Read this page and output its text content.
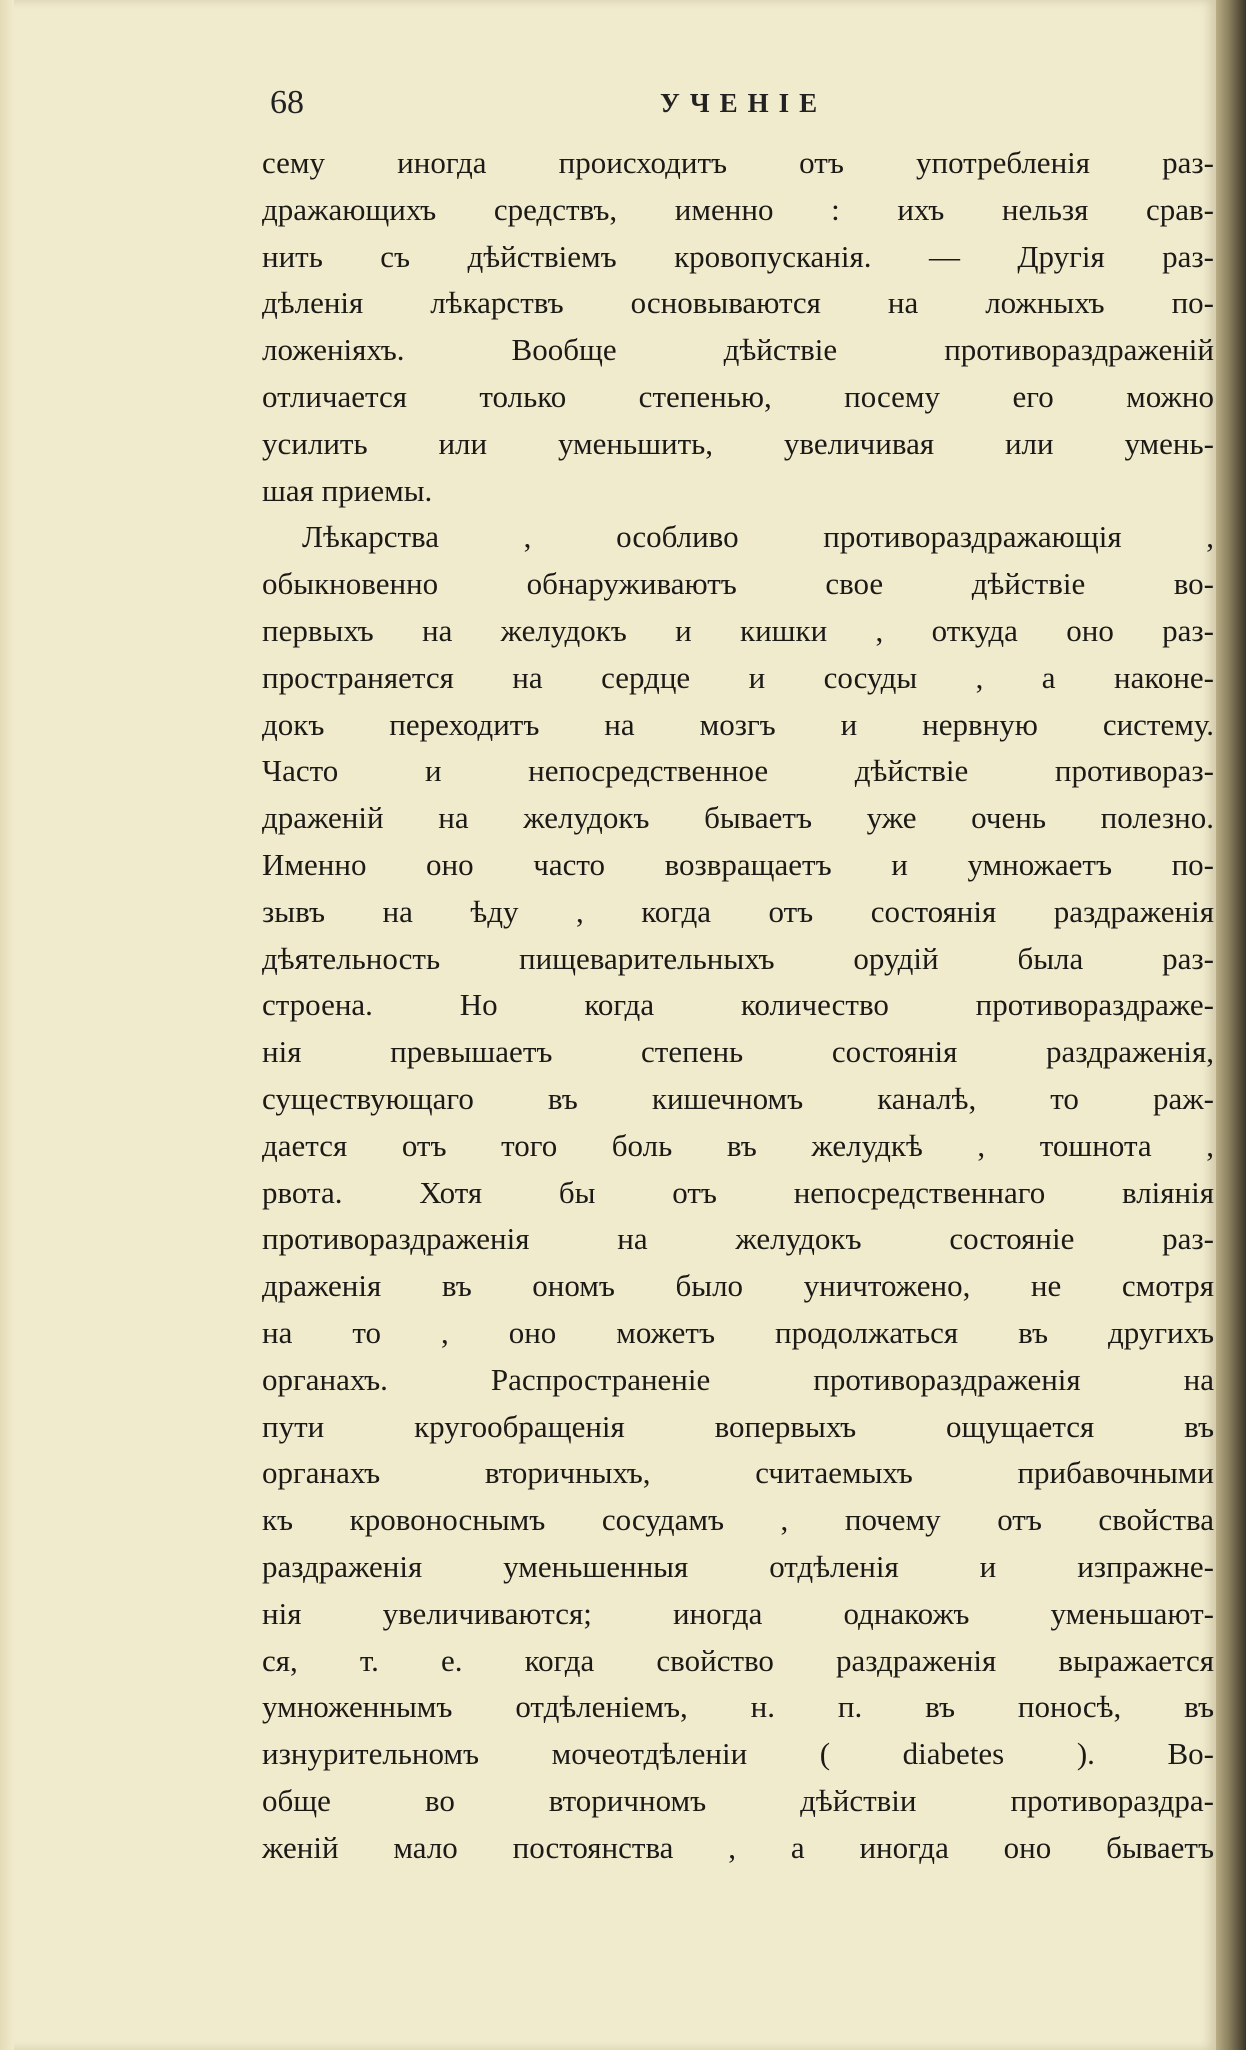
68	УЧЕНІЕ
сему иногда происходитъ отъ употребленія раз-
дражающихъ средствъ, именно : ихъ нельзя срав-
нить съ дѣйствіемъ кровопусканія. — Другія раз-
дѣленія лѣкарствъ основываются на ложныхъ по-
ложеніяхъ. Вообще дѣйствіе противораздраженій
отличается только степенью, посему его можно
усилить или уменьшить, увеличивая или умень-
шая приемы.
Лѣкарства , особливо противораздражающія ,
обыкновенно обнаруживаютъ свое дѣйствіе во-
первыхъ на желудокъ и кишки , откуда оно раз-
пространяется на сердце и сосуды , а наконе-
докъ переходитъ на мозгъ и нервную систему.
Часто и непосредственное дѣйствіе противораз-
драженій на желудокъ бываетъ уже очень полезно.
Именно оно часто возвращаетъ и умножаетъ по-
зывъ на ѣду , когда отъ состоянія раздраженія
дѣятельность пищеварительныхъ орудій была раз-
строена. Но когда количество противораздраже-
нія превышаетъ степень состоянія раздраженія,
существующаго въ кишечномъ каналѣ, то раж-
дается отъ того боль въ желудкѣ , тошнота ,
рвота. Хотя бы отъ непосредственнаго вліянія
противораздраженія на желудокъ состояніе раз-
драженія въ ономъ было уничтожено, не смотря
на то , оно можетъ продолжаться въ другихъ
органахъ. Распространеніе противораздраженія на
пути кругообращенія вопервыхъ ощущается въ
органахъ вторичныхъ, считаемыхъ прибавочными
къ кровоноснымъ сосудамъ , почему отъ свойства
раздраженія уменьшенныя отдѣленія и изпражне-
нія увеличиваются; иногда однакожъ уменьшают-
ся, т. е. когда свойство раздраженія выражается
умноженнымъ отдѣленіемъ, н. п. въ поносѣ, въ
изнурительномъ мочеотдѣленіи ( diabetes ). Во-
обще во вторичномъ дѣйствіи противораздра-
женій мало постоянства , а иногда оно бываетъ
